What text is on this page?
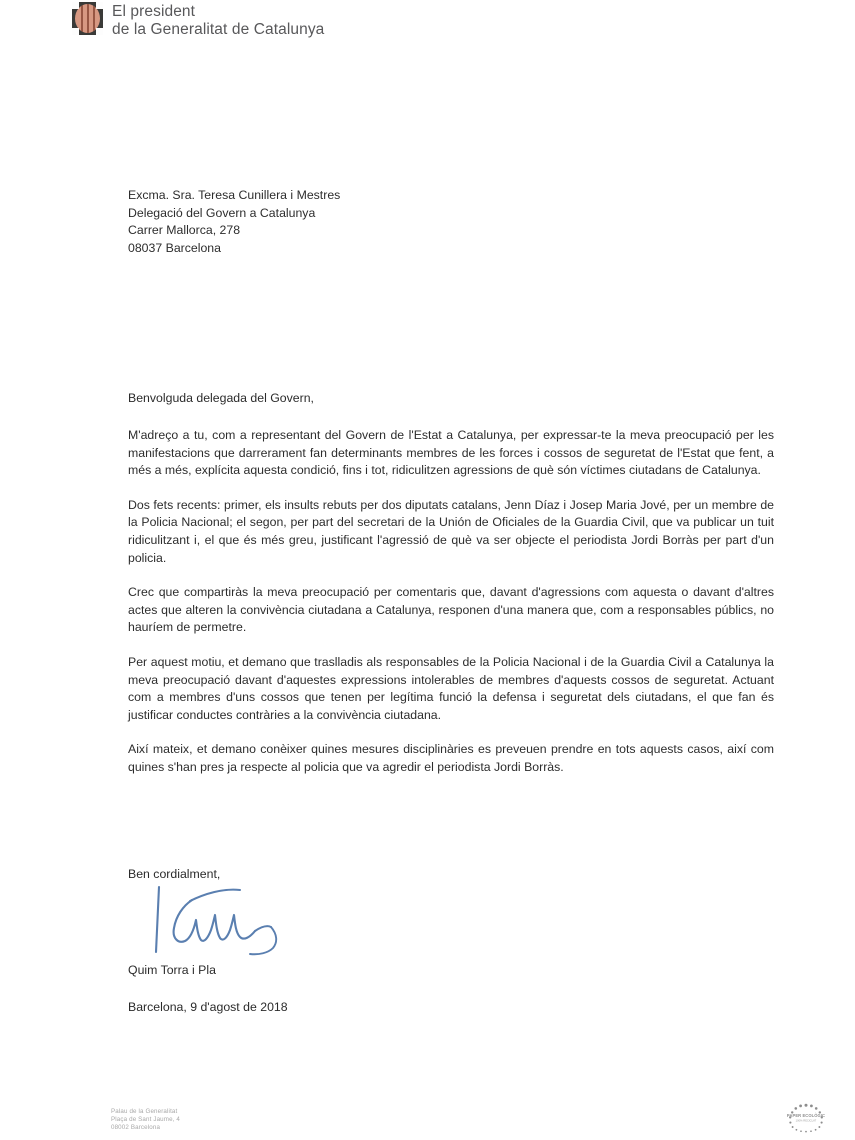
El president
de la Generalitat de Catalunya
Excma. Sra. Teresa Cunillera i Mestres
Delegació del Govern a Catalunya
Carrer Mallorca, 278
08037 Barcelona
Benvolguda delegada del Govern,

M'adreço a tu, com a representant del Govern de l'Estat a Catalunya, per expressar-te la meva preocupació per les manifestacions que darrerament fan determinants membres de les forces i cossos de seguretat de l'Estat que fent, a més a més, explícita aquesta condició, fins i tot, ridiculitzen agressions de què són víctimes ciutadans de Catalunya.

Dos fets recents: primer, els insults rebuts per dos diputats catalans, Jenn Díaz i Josep Maria Jové, per un membre de la Policia Nacional; el segon, per part del secretari de la Unión de Oficiales de la Guardia Civil, que va publicar un tuit ridiculitzant i, el que és més greu, justificant l'agressió de què va ser objecte el periodista Jordi Borràs per part d'un policia.

Crec que compartiràs la meva preocupació per comentaris que, davant d'agressions com aquesta o davant d'altres actes que alteren la convivència ciutadana a Catalunya, responen d'una manera que, com a responsables públics, no hauríem de permetre.

Per aquest motiu, et demano que traslladis als responsables de la Policia Nacional i de la Guardia Civil a Catalunya la meva preocupació davant d'aquestes expressions intolerables de membres d'aquests cossos de seguretat. Actuant com a membres d'uns cossos que tenen per legítima funció la defensa i seguretat dels ciutadans, el que fan és justificar conductes contràries a la convivència ciutadana.

Així mateix, et demano conèixer quines mesures disciplinàries es preveuen prendre en tots aquests casos, així com quines s'han pres ja respecte al policia que va agredir el periodista Jordi Borràs.

Ben cordialment,
Quim Torra i Pla
Barcelona, 9 d'agost de 2018
Palau de la Generalitat
Plaça de Sant Jaume, 4
08002 Barcelona
PAPER ECOLÒGIC
100% RECICLAT
